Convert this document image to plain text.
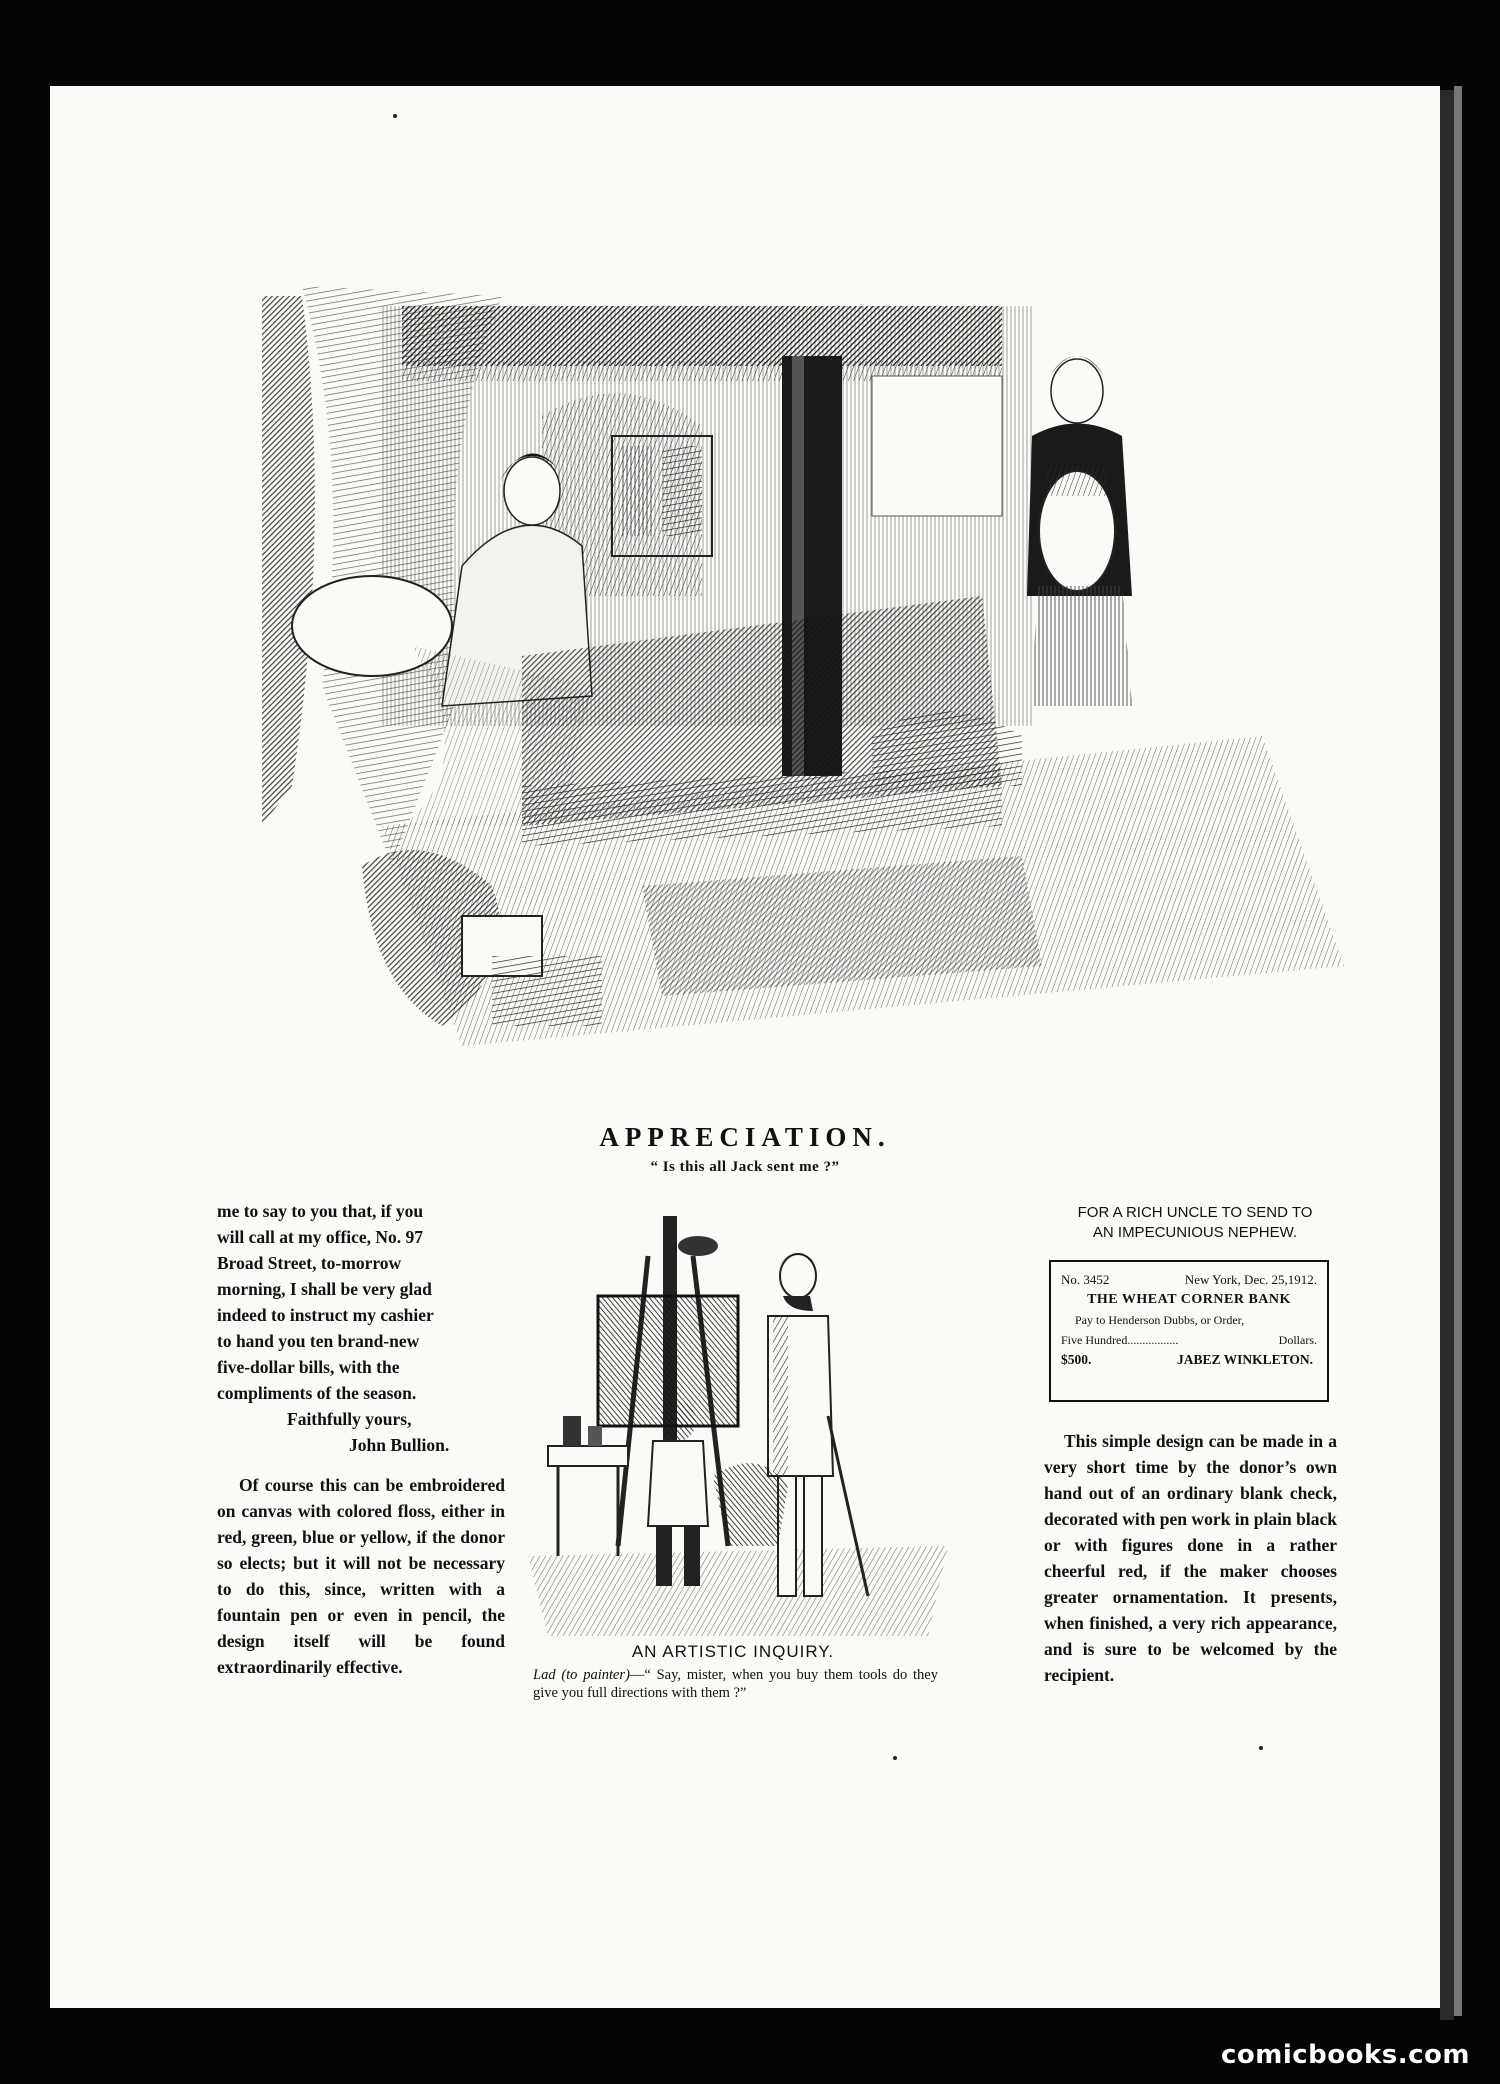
APPRECIATION.
“ Is this all Jack sent me ?”
me to say to you that, if you
will call at my office, No. 97
Broad Street, to-morrow
morning, I shall be very glad
indeed to instruct my cashier
to hand you ten brand-new
five-dollar bills, with the
compliments of the season.
Faithfully yours,
John Bullion.

Of course this can be embroidered on canvas with colored floss, either in red, green, blue or yellow, if the donor so elects; but it will not be necessary to do this, since, written with a fountain pen or even in pencil, the design itself will be found extraordinarily effective.

AN ARTISTIC INQUIRY.
Lad (to painter)—“ Say, mister, when you buy them tools do they give you full directions with them ?”
FOR A RICH UNCLE TO SEND TO
AN IMPECUNIOUS NEPHEW.
No. 3452	New York, Dec. 25,1912.
THE WHEAT CORNER BANK
Pay to Henderson Dubbs, or Order,
Five Hundred.................	Dollars.
$500.	JABEZ WINKLETON.

This simple design can be made in a very short time by the donor’s own hand out of an ordinary blank check, decorated with pen work in plain black or with figures done in a rather cheerful red, if the maker chooses greater ornamentation. It presents, when finished, a very rich appearance, and is sure to be welcomed by the recipient.

comicbooks.com
